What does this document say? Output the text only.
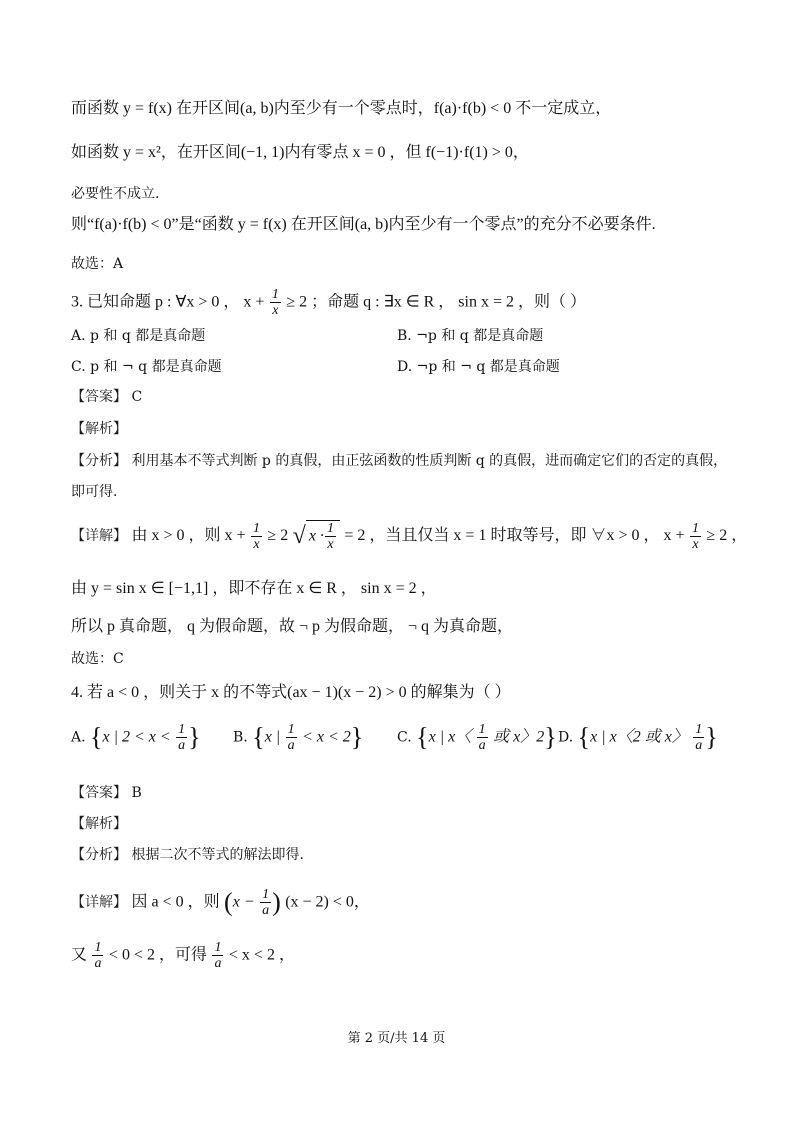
而函数 y = f(x) 在开区间(a, b)内至少有一个零点时，f(a)·f(b) < 0 不一定成立，
如函数 y = x²，在开区间(−1, 1)内有零点 x = 0 ，但 f(−1)·f(1) > 0，
必要性不成立.
则“f(a)·f(b) < 0”是“函数 y = f(x) 在开区间(a, b)内至少有一个零点”的充分不必要条件.
故选：A
3. 已知命题 p : ∀x > 0 ， $x + \frac{1}{x} \ge 2$ ；命题 q : ∃x ∈ R ， sin x = 2 ，则（ ）
A. p 和 q 都是真命题	B. ¬p 和 q 都是真命题
C. p 和 ¬ q 都是真命题	D. ¬p 和 ¬ q 都是真命题
【答案】 C
【解析】
【分析】 利用基本不等式判断 p 的真假，由正弦函数的性质判断 q 的真假，进而确定它们的否定的真假，
即可得.
【详解】 由 x > 0 ，则 $x + \frac{1}{x} \ge 2$ √ $x \cdot \frac{1}{x} = 2$ ，当且仅当 x = 1 时取等号，即 ∀x > 0 ， $x + \frac{1}{x} \ge 2$ ，
由 y = sin x ∈ [−1,1] ，即不存在 x ∈ R ， sin x = 2 ，
所以 p 真命题， q 为假命题，故 ¬ p 为假命题， ¬ q 为真命题，
故选：C
4. 若 a < 0 ，则关于 x 的不等式(ax − 1)(x − 2) > 0 的解集为（ ）
A. {x | $2 < x < \frac{1}{a}$ } B. {x | $\frac{1}{a} < x < 2$} C. {x | x〈 $\frac{1}{a}$ 或 x〉2} D. {x | x〈2 或 x〉 $\frac{1}{a}$ }
【答案】 B
【解析】
【分析】 根据二次不等式的解法即得.
【详解】 因 a < 0 ，则 ($x - \frac{1}{a}$ ) (x − 2) < 0，
又 $\frac{1}{a} < 0 < 2$ ，可得 $\frac{1}{a} < x < 2$ ，
第 2 页/共 14 页
